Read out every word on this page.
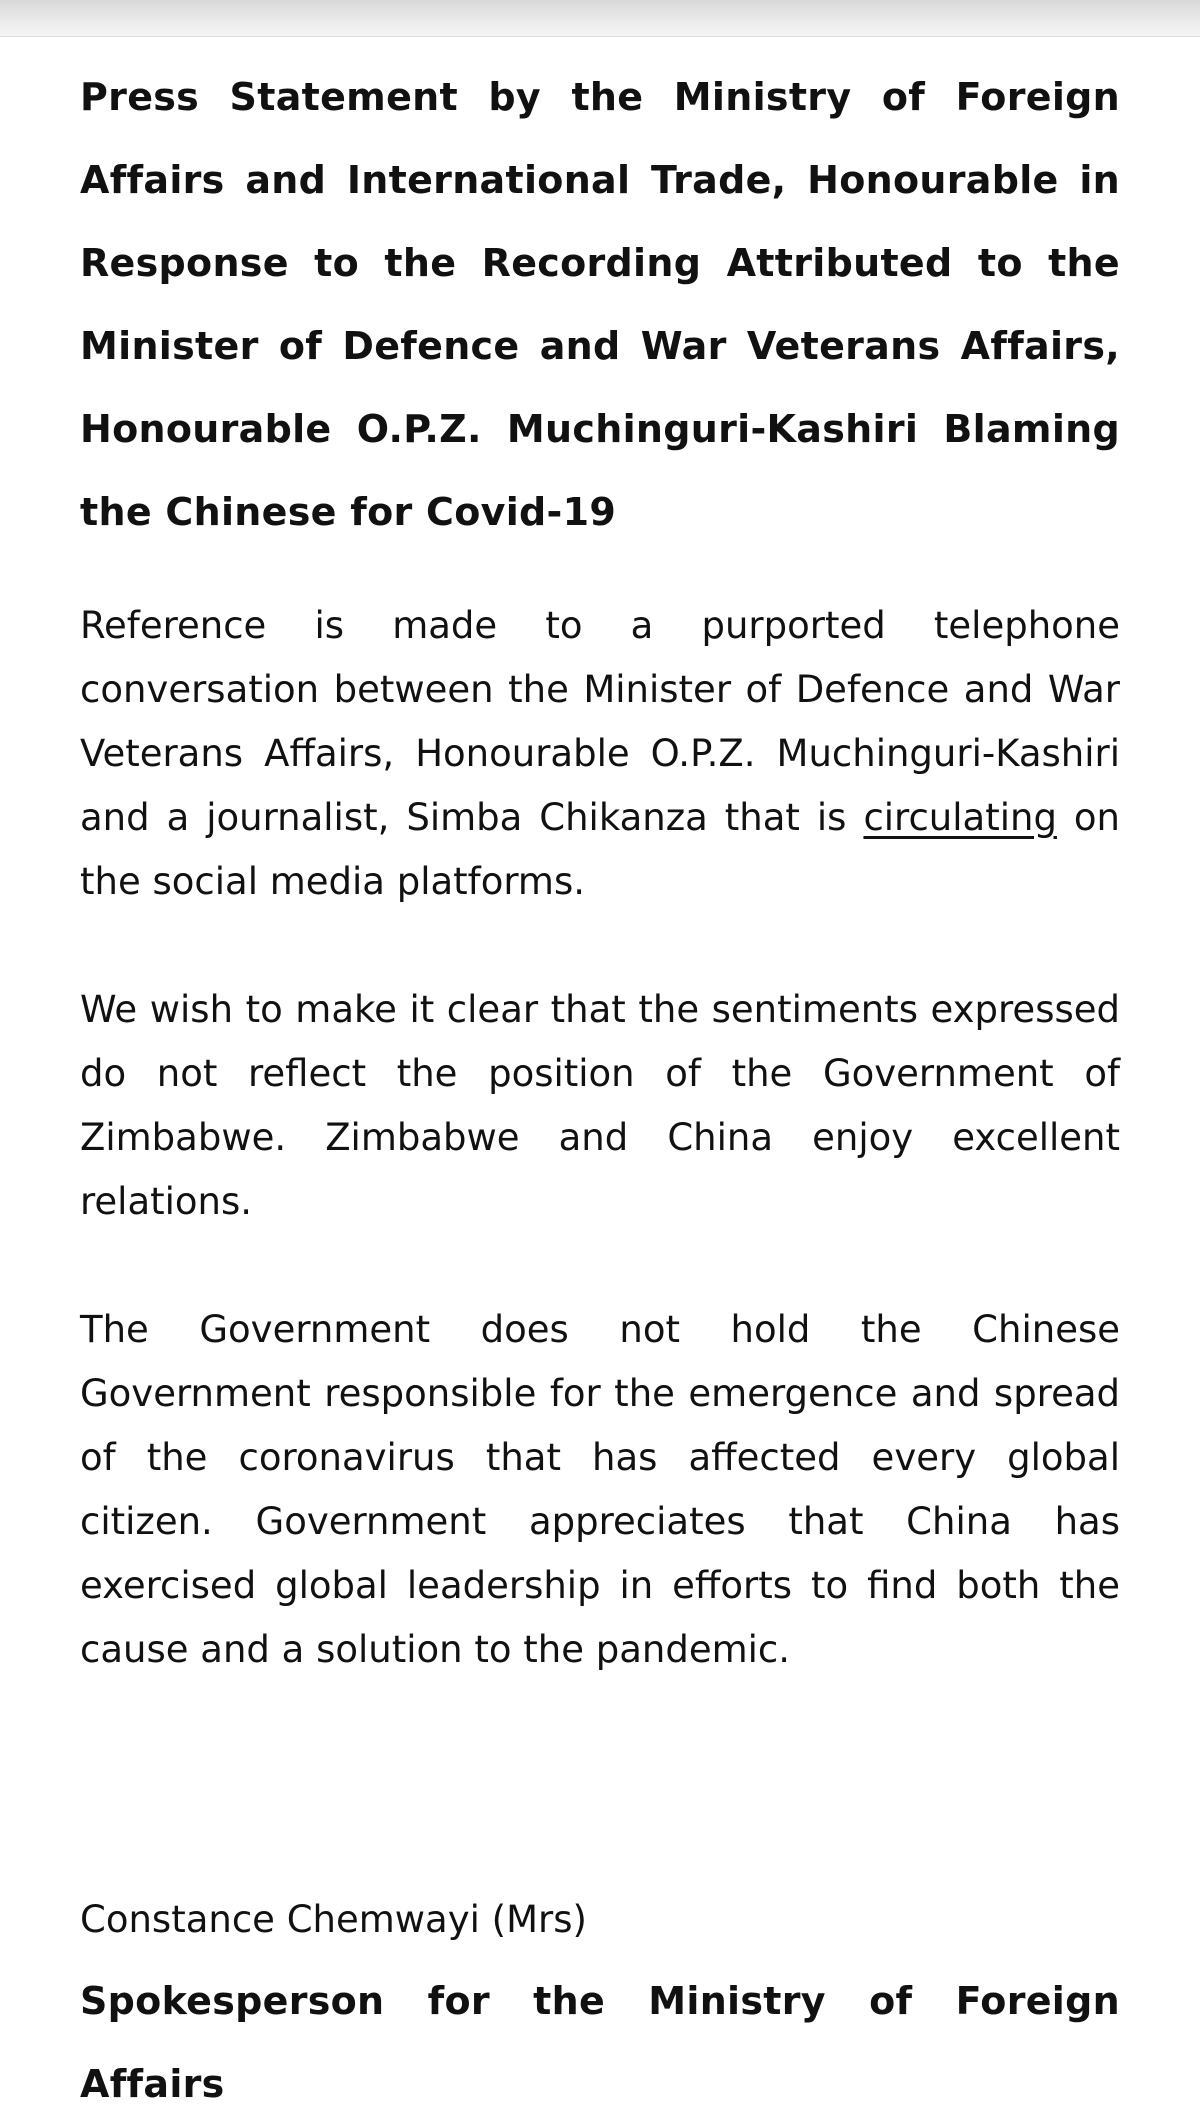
Press Statement by the Ministry of Foreign Affairs and International Trade, Honourable in Response to the Recording Attributed to the Minister of Defence and War Veterans Affairs, Honourable O.P.Z. Muchinguri-Kashiri Blaming the Chinese for Covid-19

Reference is made to a purported telephone conversation between the Minister of Defence and War Veterans Affairs, Honourable O.P.Z. Muchinguri-Kashiri and a journalist, Simba Chikanza that is circulating on the social media platforms.

We wish to make it clear that the sentiments expressed do not reflect the position of the Government of Zimbabwe. Zimbabwe and China enjoy excellent relations.

The Government does not hold the Chinese Government responsible for the emergence and spread of the coronavirus that has affected every global citizen. Government appreciates that China has exercised global leadership in efforts to find both the cause and a solution to the pandemic.

Constance Chemwayi (Mrs)

Spokesperson for the Ministry of Foreign Affairs
